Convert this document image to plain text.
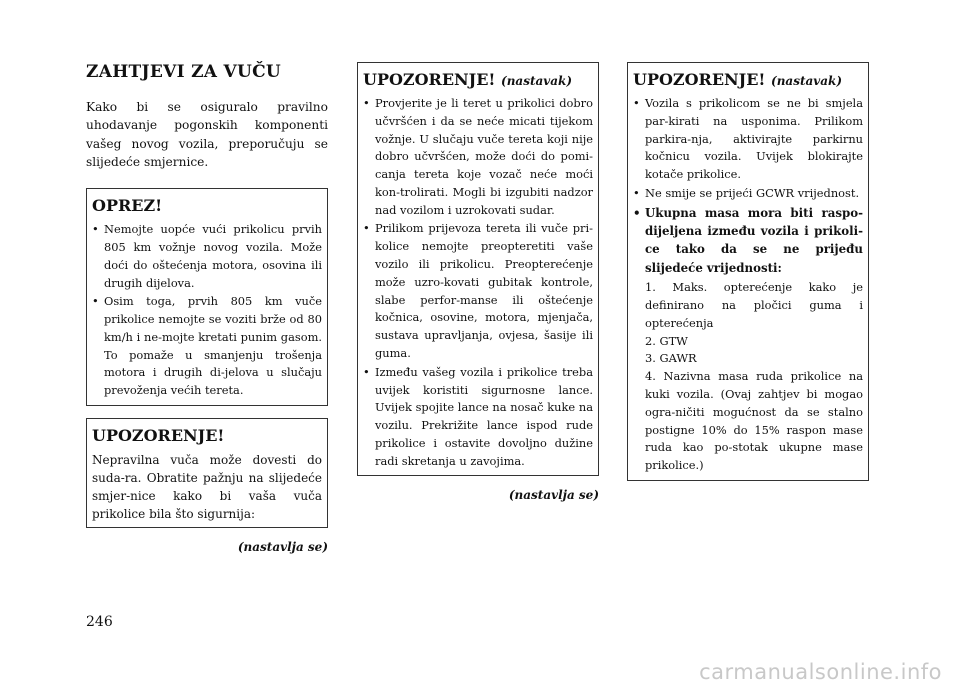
ZAHTJEVI ZA VUČU

Kako bi se osiguralo pravilno uhodavanje pogonskih komponenti vašeg novog vozila, preporučuju se slijedeće smjernice.

OPREZ!
• Nemojte uopće vući prikolicu prvih 805 km vožnje novog vozila. Može doći do oštećenja motora, osovina ili drugih dijelova.
• Osim toga, prvih 805 km vuče prikolice nemojte se voziti brže od 80 km/h i ne-mojte kretati punim gasom. To pomaže u smanjenju trošenja motora i drugih di-jelova u slučaju prevoženja većih tereta.
UPOZORENJE!

Nepravilna vuča može dovesti do suda-ra. Obratite pažnju na slijedeće smjer-nice kako bi vaša vuča prikolice bila što sigurnija:

(nastavlja se)
UPOZORENJE! (nastavak)
• Provjerite je li teret u prikolici dobro učvršćen i da se neće micati tijekom vožnje. U slučaju vuče tereta koji nije dobro učvršćen, može doći do pomi-canja tereta koje vozač neće moći kon-trolirati. Mogli bi izgubiti nadzor nad vozilom i uzrokovati sudar.
• Prilikom prijevoza tereta ili vuče pri-kolice nemojte preopteretiti vaše vozilo ili prikolicu. Preopterećenje može uzro-kovati gubitak kontrole, slabe perfor-manse ili oštećenje kočnica, osovine, motora, mjenjača, sustava upravljanja, ovjesa, šasije ili guma.
• Između vašeg vozila i prikolice treba uvijek koristiti sigurnosne lance. Uvijek spojite lance na nosač kuke na vozilu. Prekrižite lance ispod rude prikolice i ostavite dovoljno dužine radi skretanja u zavojima.
(nastavlja se)
UPOZORENJE! (nastavak)
• Vozila s prikolicom se ne bi smjela par-kirati na usponima. Prilikom parkira-nja, aktivirajte parkirnu kočnicu vozila. Uvijek blokirajte kotače prikolice.
• Ne smije se prijeći GCWR vrijednost.
• Ukupna masa mora biti raspo-dijeljena između vozila i prikoli-ce tako da se ne prijeđu slijedeće vrijednosti:
1. Maks. opterećenje kako je definirano na pločici guma i opterećenja
2. GTW
3. GAWR
4. Nazivna masa ruda prikolice na kuki vozila. (Ovaj zahtjev bi mogao ogra-ničiti mogućnost da se stalno postigne 10% do 15% raspon mase ruda kao po-stotak ukupne mase prikolice.)
246
carmanualsonline.info
